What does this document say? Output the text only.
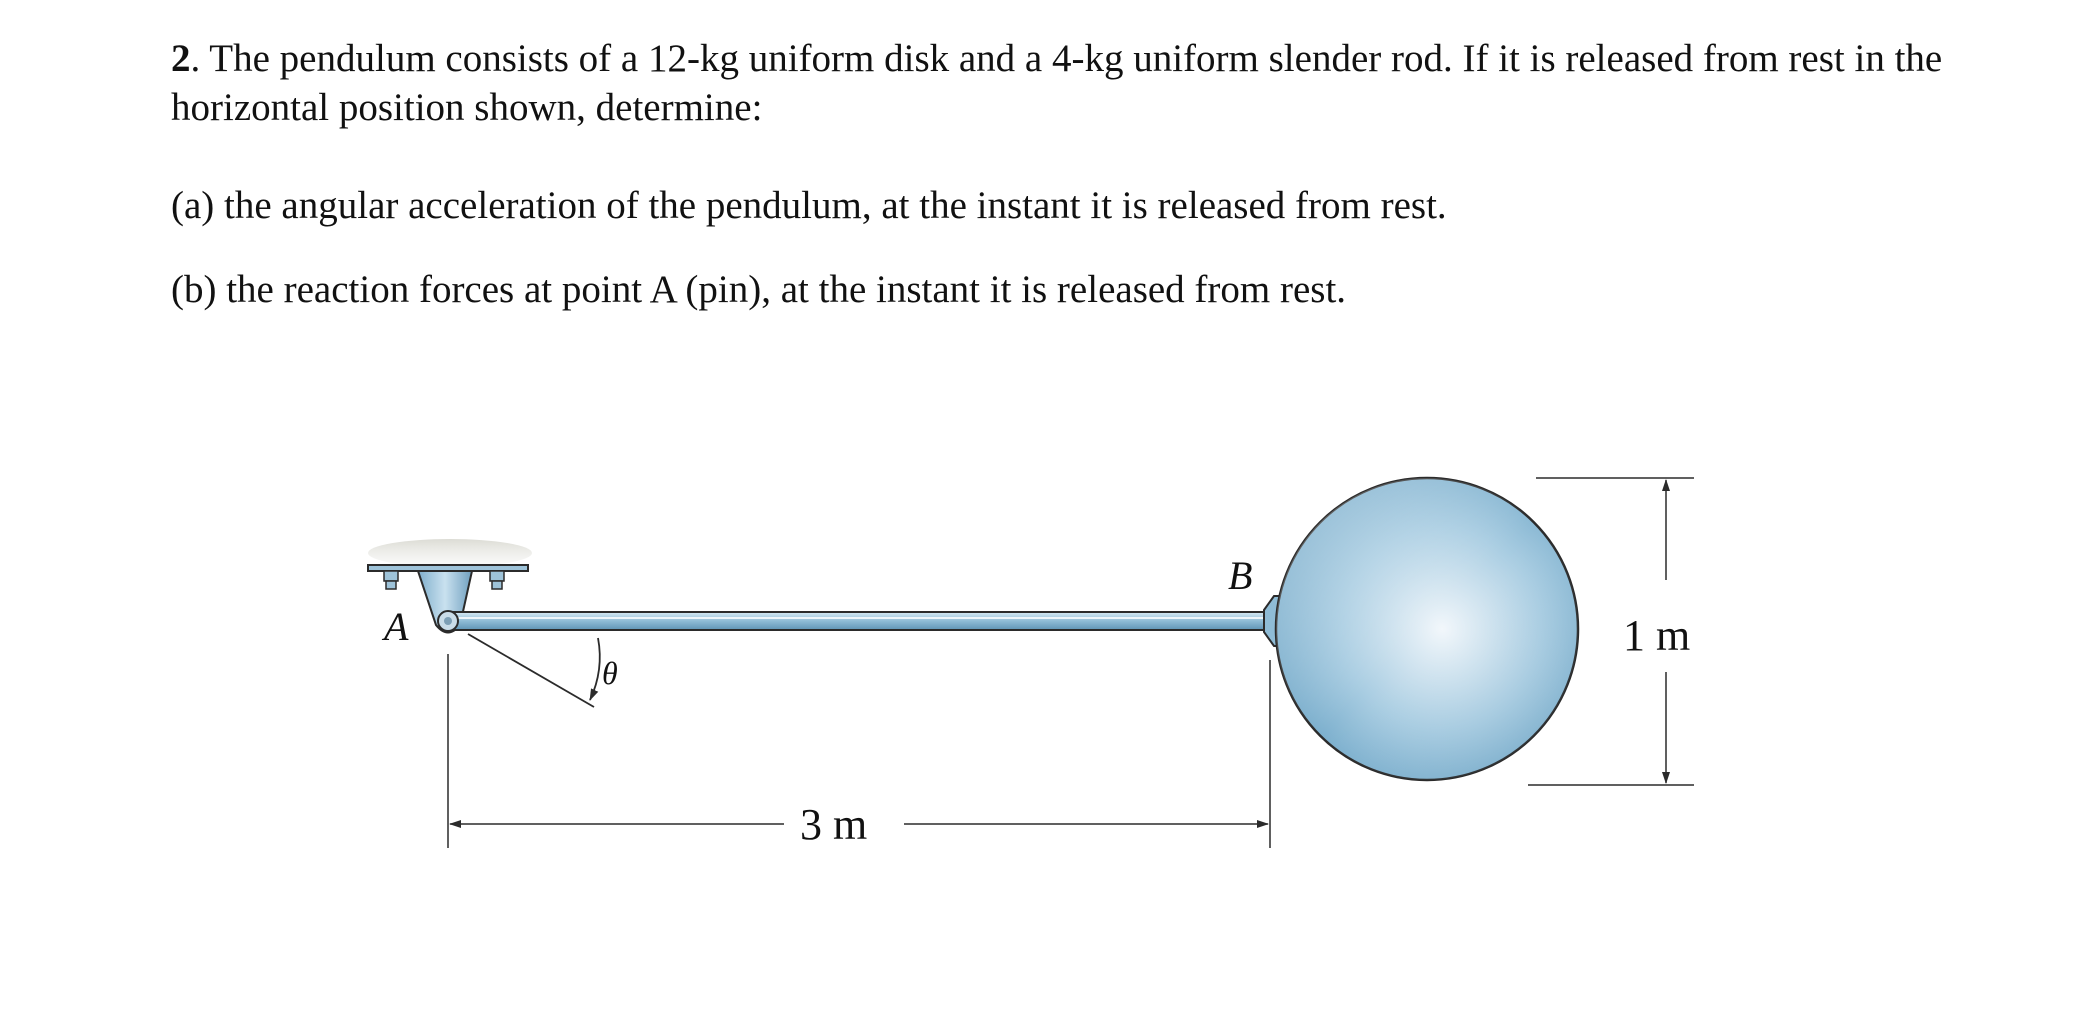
2. The pendulum consists of a 12-kg uniform disk and a 4-kg uniform slender rod. If it is released from rest in the horizontal position shown, determine:

(a) the angular acceleration of the pendulum, at the instant it is released from rest.
(b) the reaction forces at point A (pin), at the instant it is released from rest.
θ
A
B
3 m
1 m
